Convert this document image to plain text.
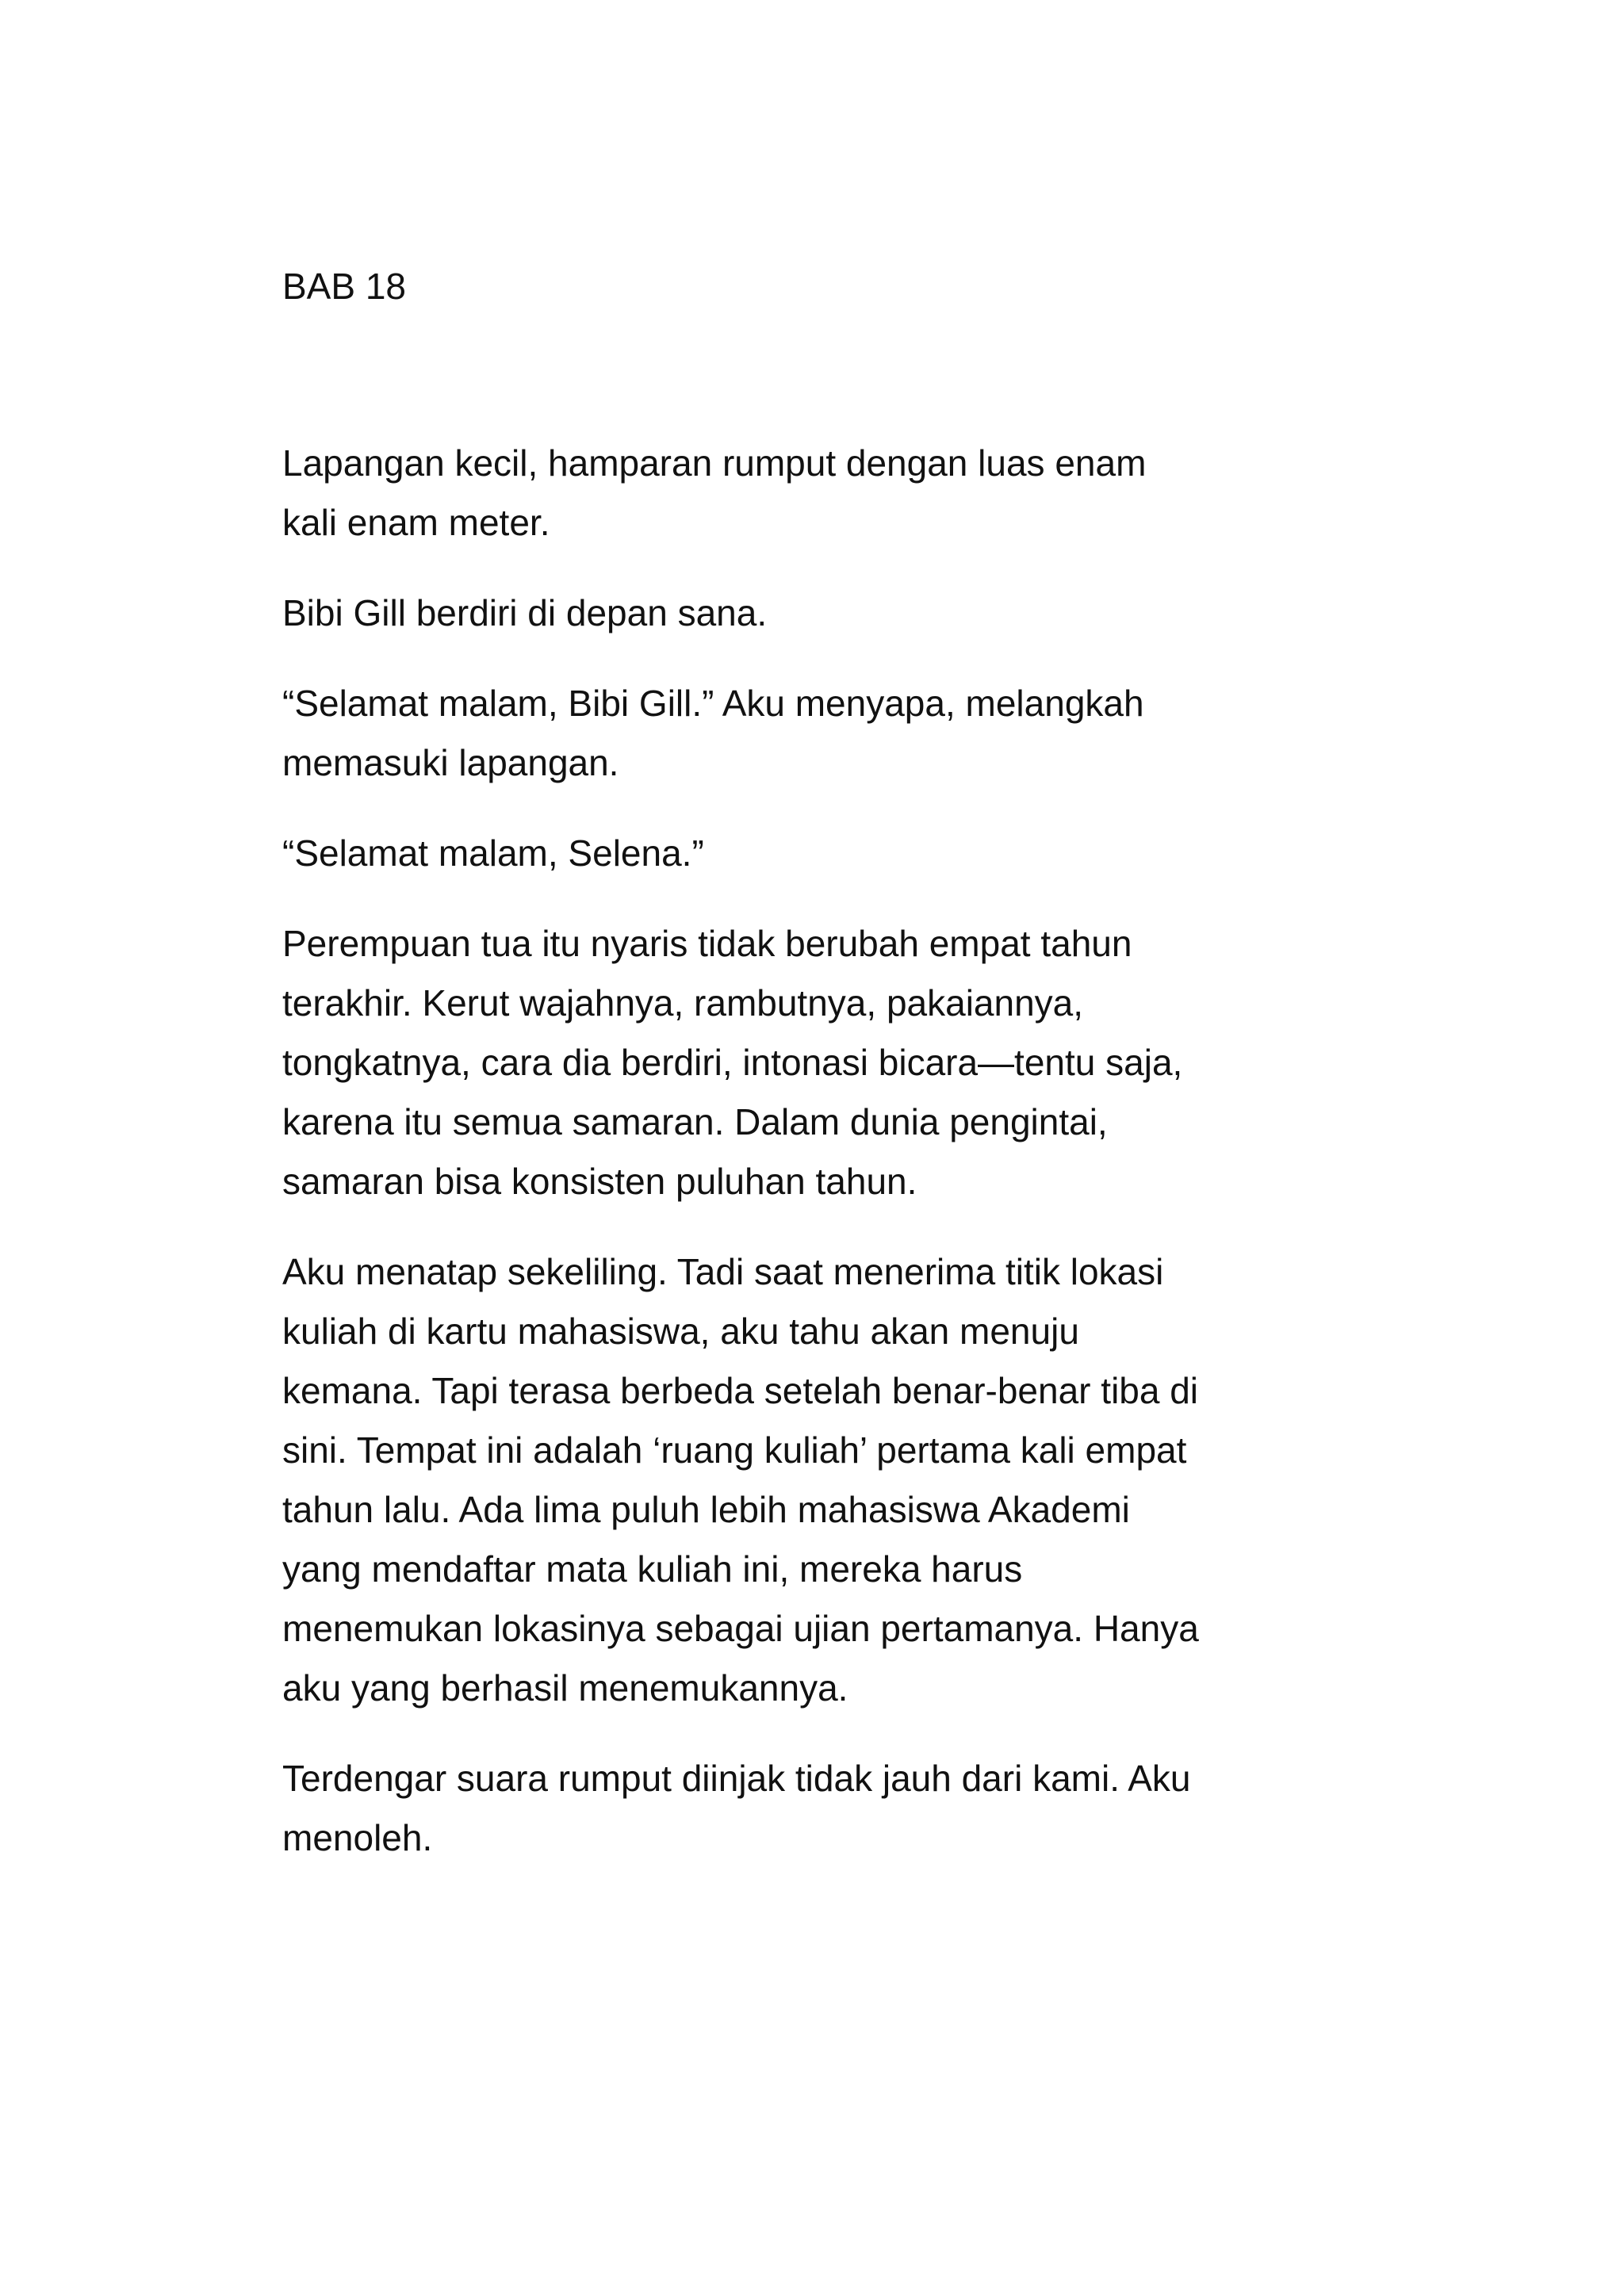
BAB 18

Lapangan kecil, hamparan rumput dengan luas enam
kali enam meter.

Bibi Gill berdiri di depan sana.

“Selamat malam, Bibi Gill.” Aku menyapa, melangkah
memasuki lapangan.

“Selamat malam, Selena.”

Perempuan tua itu nyaris tidak berubah empat tahun
terakhir. Kerut wajahnya, rambutnya, pakaiannya,
tongkatnya, cara dia berdiri, intonasi bicara—tentu saja,
karena itu semua samaran. Dalam dunia pengintai,
samaran bisa konsisten puluhan tahun.

Aku menatap sekeliling. Tadi saat menerima titik lokasi
kuliah di kartu mahasiswa, aku tahu akan menuju
kemana. Tapi terasa berbeda setelah benar-benar tiba di
sini. Tempat ini adalah ‘ruang kuliah’ pertama kali empat
tahun lalu. Ada lima puluh lebih mahasiswa Akademi
yang mendaftar mata kuliah ini, mereka harus
menemukan lokasinya sebagai ujian pertamanya. Hanya
aku yang berhasil menemukannya.

Terdengar suara rumput diinjak tidak jauh dari kami. Aku
menoleh.
